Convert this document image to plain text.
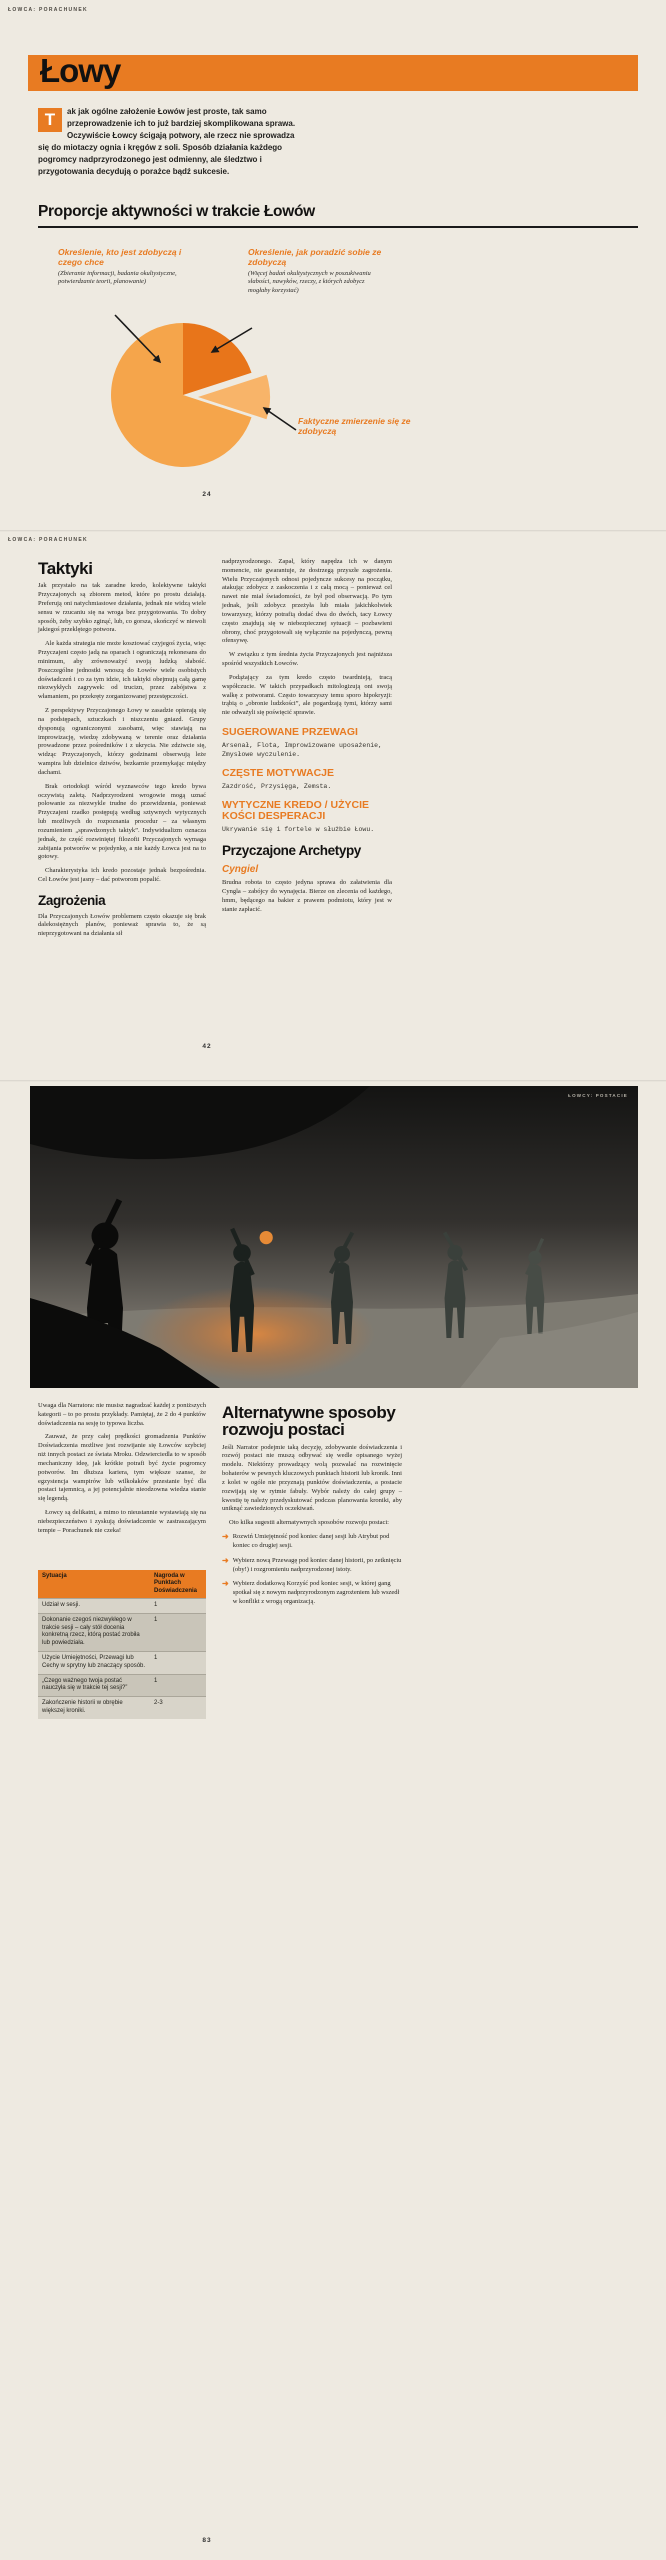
ŁOWCA: PORACHUNEK
Łowy
T	ak jak ogólne założenie Łowów jest proste, tak samo przeprowadzenie ich to już bardziej skomplikowana sprawa. Oczywiście Łowcy ścigają potwory, ale rzecz nie sprowadza się do miotaczy ognia i kręgów z soli. Sposób działania każdego pogromcy nadprzyrodzonego jest odmienny, ale śledztwo i przygotowania decydują o porażce bądź sukcesie.
Proporcje aktywności w trakcie Łowów
Określenie, kto jest zdobyczą i czego chce
(Zbieranie informacji, badania okultystyczne, potwierdzanie teorii, planowanie)
Określenie, jak poradzić sobie ze zdobyczą
(Więcej badań okultystycznych w poszukiwaniu słabości, nawyków, rzeczy, z których zdobycz mogłaby korzystać)
Faktyczne zmierzenie się ze zdobyczą
24
ŁOWCA: PORACHUNEK
Taktyki

Jak przystało na tak zaradne kredo, kolektywne taktyki Przyczajonych są zbiorem metod, które po prostu działają. Preferują oni natychmiastowe działania, jednak nie widzą wiele sensu w rzucaniu się na wroga bez przygotowania. To dobry sposób, żeby szybko zginąć, lub, co gorsza, skończyć w niewoli jakiegoś przeklętego potwora.

Ale każda strategia nie może kosztować czyjegoś życia, więc Przyczajeni często jadą na oparach i ograniczają rekonesans do minimum, aby zrównoważyć swoją ludzką słabość. Poszczególne jednostki wnoszą do Łowów wiele osobistych doświadczeń i co za tym idzie, ich taktyki obejmują całą gamę niezwykłych zagrywek: od trucizn, przez zabójstwa z włamaniem, po przekręty zorganizowanej przestępczości.

Z perspektywy Przyczajonego Łowy w zasadzie opierają się na podstępach, sztuczkach i niszczeniu gniazd. Grupy dysponują ograniczonymi zasobami, więc stawiają na improwizację, wiedzę zdobywaną w terenie oraz działania prowadzone przez pośredników i z ukrycia. Nie zdziwcie się, widząc Przyczajonych, którzy godzinami obserwują leże wampira lub dzielnice dziwów, bezkarnie przemykając między dachami.

Brak ortodoksji wśród wyznawców tego kredo bywa oczywistą zaletą. Nadprzyrodzeni wrogowie mogą uznać polowanie za niezwykle trudne do przewidzenia, ponieważ Przyczajeni rzadko postępują według sztywnych wytycznych lub możliwych do rozpoznania procedur – za własnym rozumieniem „sprawdzonych taktyk”. Indywidualizm oznacza jednak, że część rozwiniętej filozofii Przyczajonych wymaga zabijania potworów w pojedynkę, a nie każdy Łowca jest na to gotowy.

Charakterystyka ich kredo pozostaje jednak bezpośrednia. Cel Łowów jest jasny – dać potworom popalić.

Zagrożenia

Dla Przyczajonych Łowów problemem często okazuje się brak dalekosiężnych planów, ponieważ sprawia to, że są nieprzygotowani na działania sił

nadprzyrodzonego. Zapał, który napędza ich w danym momencie, nie gwarantuje, że dostrzegą przyszłe zagrożenia. Wielu Przyczajonych odnosi pojedyncze sukcesy na początku, atakując zdobycz z zaskoczenia i z całą mocą – ponieważ cel nawet nie miał świadomości, że był pod obserwacją. Po tym jednak, jeśli zdobycz przeżyła lub miała jakichkolwiek towarzyszy, którzy potrafią dodać dwa do dwóch, tacy Łowcy często znajdują się w niebezpiecznej sytuacji – pozbawieni obrony, choć przygotowali się wyłącznie na pojedynczą, pewną ofensywę.

W związku z tym średnia życia Przyczajonych jest najniższa spośród wszystkich Łowców.

Podążający za tym kredo często twardnieją, tracą współczucie. W takich przypadkach mitologizują oni swoją walkę z potworami. Często towarzyszy temu sporo hipokryzji: trąbią o „obronie ludzkości”, ale pogardzają tymi, którzy sami nie odważyli się poświęcić sprawie.

SUGEROWANE PRZEWAGI
Arsenał, Flota, Improwizowane uposażenie, Zmysłowe wyczulenie.
CZĘSTE MOTYWACJE
Zazdrość, Przysięga, Zemsta.
WYTYCZNE KREDO / UŻYCIE KOŚCI DESPERACJI
Ukrywanie się i fortele w służbie Łowu.
Przyczajone Archetypy
Cyngiel

Brudna robota to często jedyna sprawa do załatwienia dla Cyngla – zabójcy do wynajęcia. Bierze on zlecenia od każdego, hmm, będącego na bakier z prawem podmiotu, który jest w stanie zapłacić.

42
ŁOWCY: POSTACIE

Uwaga dla Narratora: nie musisz nagradzać każdej z poniższych kategorii – to po prostu przykłady. Pamiętaj, że 2 do 4 punktów doświadczenia na sesję to typowa liczba.

Zauważ, że przy całej prędkości gromadzenia Punktów Doświadczenia możliwe jest rozwijanie się Łowców szybciej niż innych postaci ze świata Mroku. Odzwierciedla to w sposób mechaniczny ideę, jak krótkie potrafi być życie pogromcy potworów. Im dłuższa kariera, tym większe szanse, że egzystencja wampirów lub wilkołaków przestanie być dla postaci tajemnicą, a jej potencjalnie nieodzowna wiedza stanie się legendą.

Łowcy są delikatni, a mimo to nieustannie wystawiają się na niebezpieczeństwo i zyskują doświadczenie w zastraszającym tempie – Porachunek nie czeka!

Sytuacja	Nagroda w Punktach Doświadczenia
Udział w sesji.	1
Dokonanie czegoś niezwykłego w trakcie sesji – cały stół docenia konkretną rzecz, którą postać zrobiła lub powiedziała.	1
Użycie Umiejętności, Przewagi lub Cechy w sprytny lub znaczący sposób.	1
„Czego ważnego twoja postać nauczyła się w trakcie tej sesji?”	1
Zakończenie historii w obrębie większej kroniki.	2-3
Alternatywne sposoby rozwoju postaci

Jeśli Narrator podejmie taką decyzję, zdobywanie doświadczenia i rozwój postaci nie muszą odbywać się wedle opisanego wyżej modelu. Niektórzy prowadzący wolą pozwalać na rozwinięcie bohaterów w pewnych kluczowych punktach historii lub kronik. Inni z kolei w ogóle nie przyznają punktów doświadczenia, a postacie rozwijają się w rytmie fabuły. Wybór należy do całej grupy – kwestię tę należy przedyskutować podczas planowania kroniki, aby uniknąć zawiedzionych oczekiwań.

Oto kilka sugestii alternatywnych sposobów rozwoju postaci:

➜ Rozwiń Umiejętność pod koniec danej sesji lub Atrybut pod koniec co drugiej sesji.
➜ Wybierz nową Przewagę pod koniec danej historii, po zetknięciu (oby!) i rozgromieniu nadprzyrodzonej istoty.
➜ Wybierz dodatkową Korzyść pod koniec sesji, w której gang spotkał się z nowym nadprzyrodzonym zagrożeniem lub wszedł w konflikt z wrogą organizacją.
83
